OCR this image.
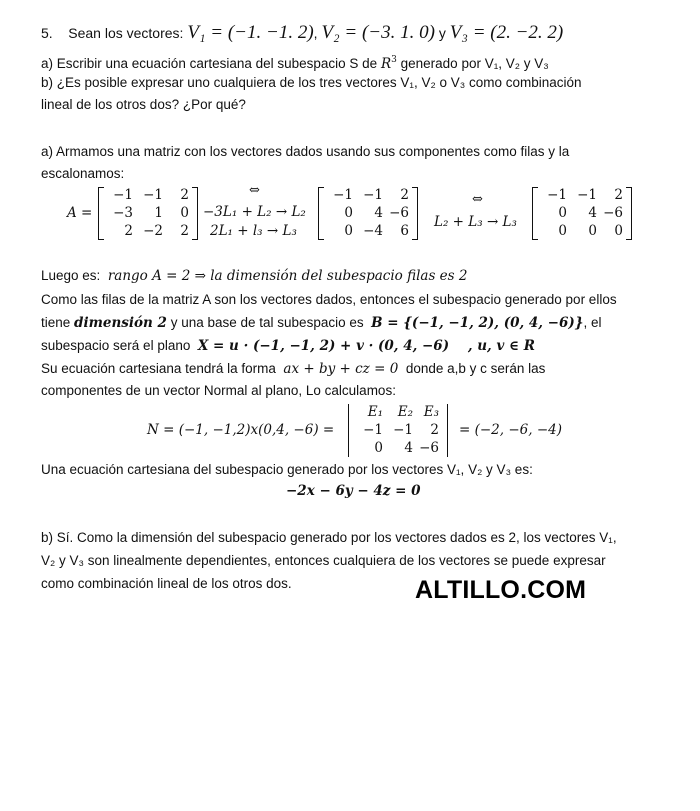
5. Sean los vectores: V₁ = (−1. −1. 2), V₂ = (−3. 1. 0) y V₃ = (2. −2. 2)
a) Escribir una ecuación cartesiana del subespacio S de $R^3$ generado por V₁, V₂ y V₃
b) ¿Es posible expresar uno cualquiera de los tres vectores V₁, V₂ o V₃ como combinación
lineal de los otros dos? ¿Por qué?
a) Armamos una matriz con los vectores dados usando sus componentes como filas y la
escalonamos:
A =
−1 −1	2
−3	1	0
2 −2	2
⇔
−3L₁ + L₂ → L₂
2L₁ + l₃ → L₃
−1 −1	2
0	4 −6
0 −4	6
⇔
L₂ + L₃ → L₃
−1 −1	2
0	4 −6
0	0	0
Luego es: rango A = 2 ⇒ la dimensión del subespacio filas es 2
Como las filas de la matriz A son los vectores dados, entonces el subespacio generado por ellos
tiene dimensión 2 y una base de tal subespacio es B = {(−1, −1, 2), (0, 4, −6)}, el
subespacio será el plano X = u · (−1, −1, 2) + v · (0, 4, −6) , u, v ∈ R
Su ecuación cartesiana tendrá la forma ax + by + cz = 0 donde a,b y c serán las
componentes de un vector Normal al plano, Lo calculamos:
N = (−1, −1,2)x(0,4, −6) =
E₁	E₂ E₃
−1 −1	2
0	4 −6
= (−2, −6, −4)
Una ecuación cartesiana del subespacio generado por los vectores V₁, V₂ y V₃ es:
−2x − 6y − 4z = 0
b) Sí. Como la dimensión del subespacio generado por los vectores dados es 2, los vectores V₁,
V₂ y V₃ son linealmente dependientes, entonces cualquiera de los vectores se puede expresar
como combinación lineal de los otros dos.	ALTILLO.COM
